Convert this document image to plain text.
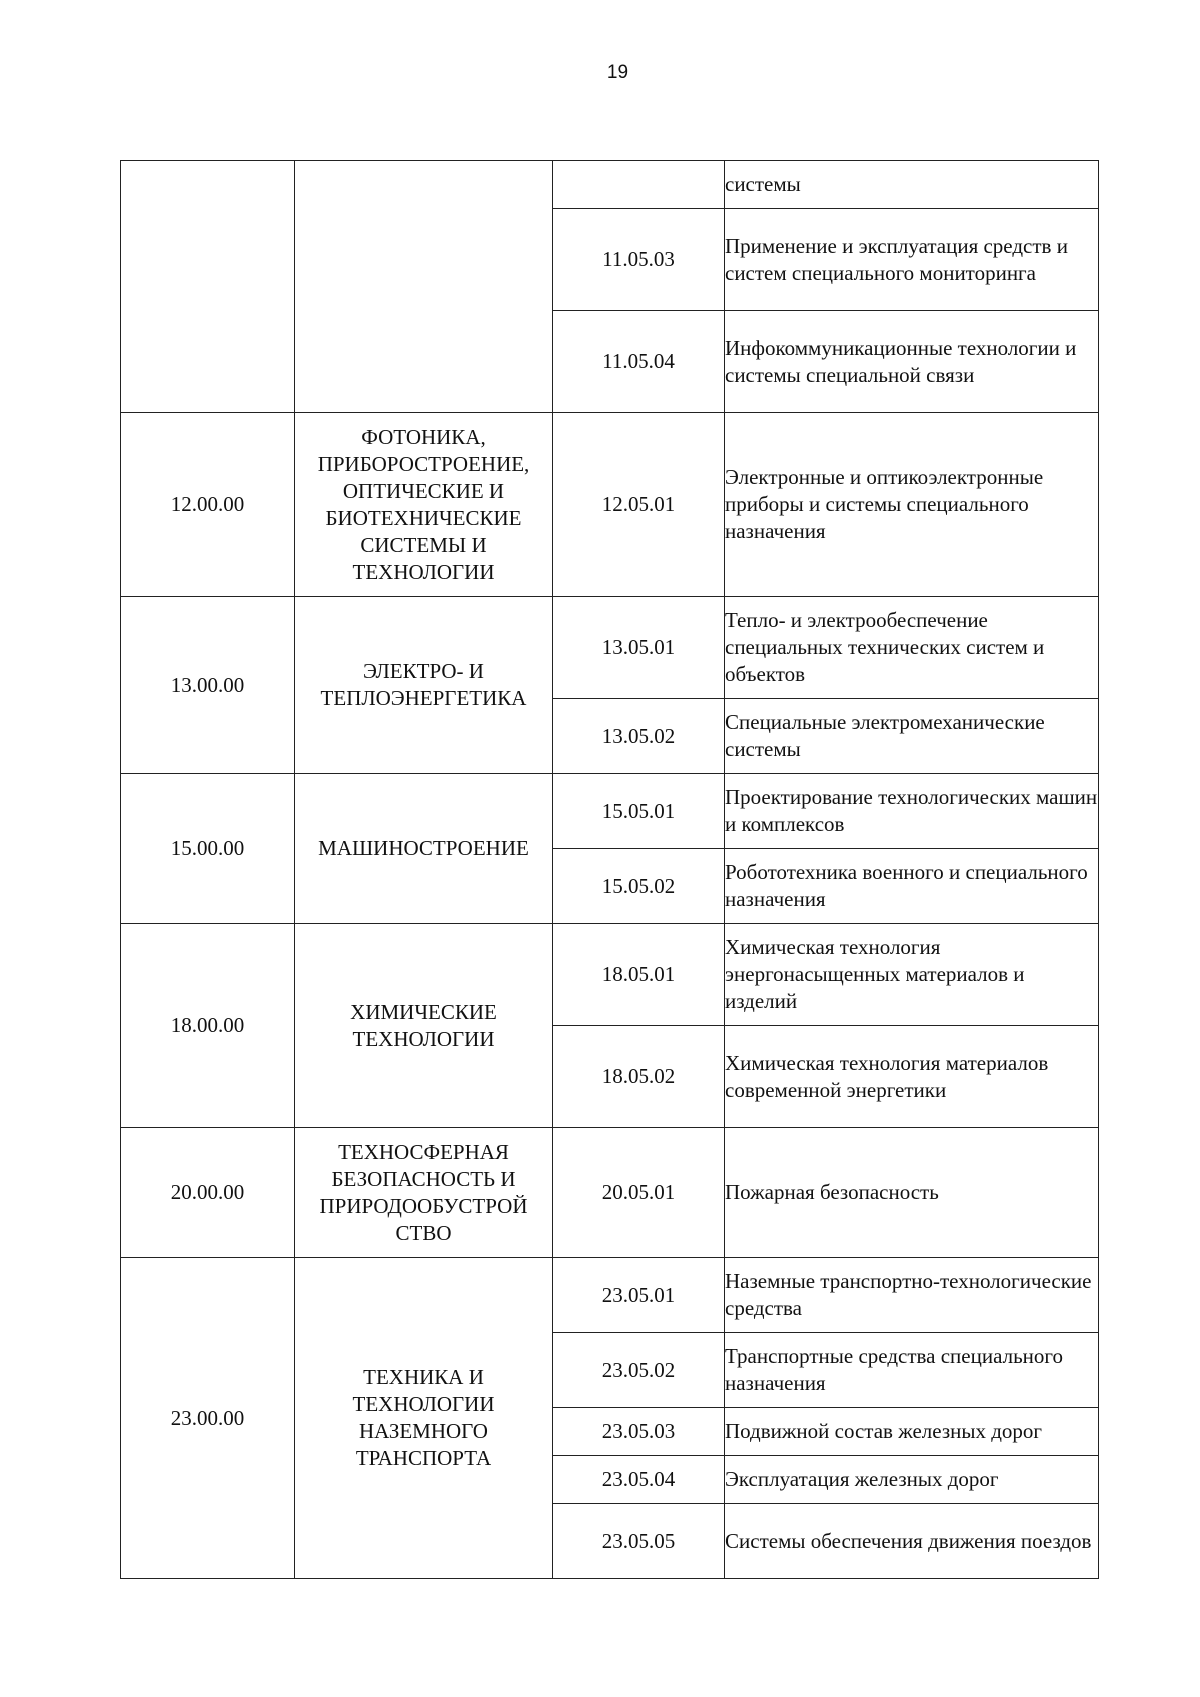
19
			системы
		11.05.03	Применение и эксплуатация средств и систем специального мониторинга
		11.05.04	Инфокоммуникационные технологии и системы специальной связи
12.00.00	ФОТОНИКА, ПРИБОРОСТРОЕНИЕ, ОПТИЧЕСКИЕ И БИОТЕХНИЧЕСКИЕ СИСТЕМЫ И ТЕХНОЛОГИИ	12.05.01	Электронные и оптикоэлектронные приборы и системы специального назначения
13.00.00	ЭЛЕКТРО- И ТЕПЛОЭНЕРГЕТИКА	13.05.01	Тепло- и электрообеспечение специальных технических систем и объектов
		13.05.02	Специальные электромеханические системы
15.00.00	МАШИНОСТРОЕНИЕ	15.05.01	Проектирование технологических машин и комплексов
		15.05.02	Робототехника военного и специального назначения
18.00.00	ХИМИЧЕСКИЕ ТЕХНОЛОГИИ	18.05.01	Химическая технология энергонасыщенных материалов и изделий
		18.05.02	Химическая технология материалов современной энергетики
20.00.00	ТЕХНОСФЕРНАЯ БЕЗОПАСНОСТЬ И ПРИРОДООБУСТРОЙ СТВО	20.05.01	Пожарная безопасность
23.00.00	ТЕХНИКА И ТЕХНОЛОГИИ НАЗЕМНОГО ТРАНСПОРТА	23.05.01	Наземные транспортно-технологические средства
		23.05.02	Транспортные средства специального назначения
		23.05.03	Подвижной состав железных дорог
		23.05.04	Эксплуатация железных дорог
		23.05.05	Системы обеспечения движения поездов
